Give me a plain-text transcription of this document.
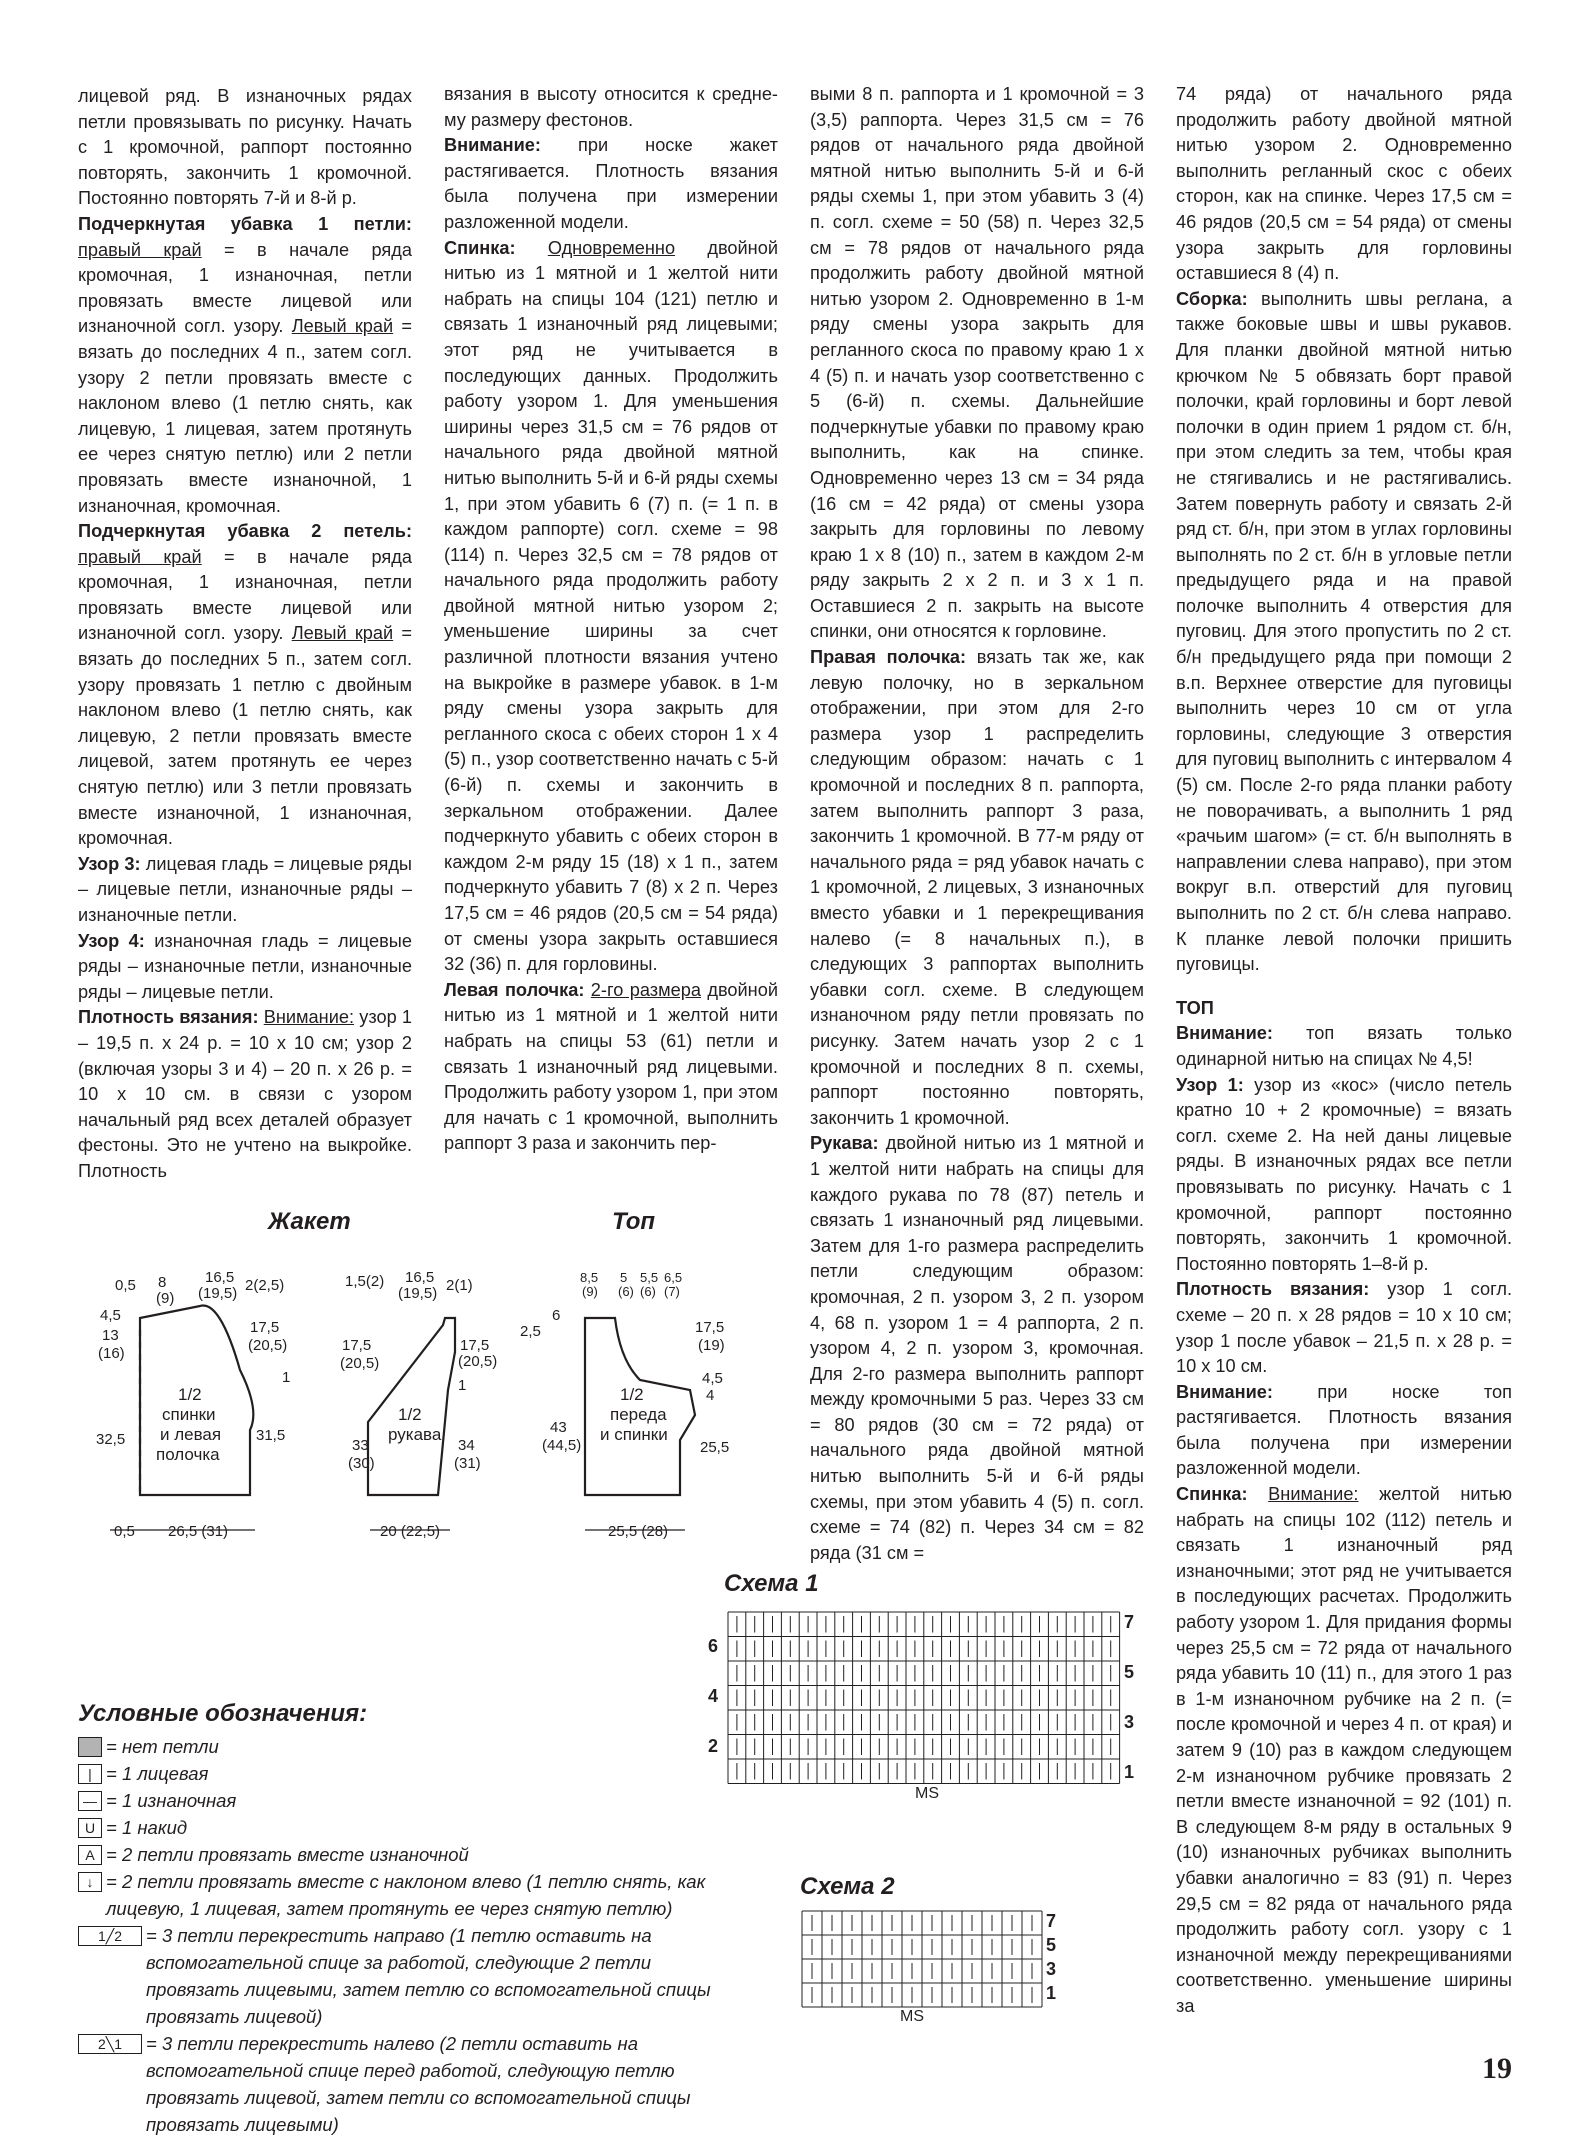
лицевой ряд. В изнаночных рядах петли провязывать по рисунку. Начать с 1 кромочной, раппорт постоянно повторять, закончить 1 кромочной. Постоянно повторять 7-й и 8-й р.

Подчеркнутая убавка 1 петли: правый край = в начале ряда кромочная, 1 изнаночная, петли провязать вместе лицевой или изнаночной согл. узору. Левый край = вязать до последних 4 п., затем согл. узору 2 петли провязать вместе с наклоном влево (1 петлю снять, как лицевую, 1 лицевая, затем протянуть ее через снятую петлю) или 2 петли провязать вместе изнаночной, 1 изнаночная, кромочная.

Подчеркнутая убавка 2 петель: правый край = в начале ряда кромочная, 1 изнаночная, петли провязать вместе лицевой или изнаночной согл. узору. Левый край = вязать до последних 5 п., затем согл. узору провязать 1 петлю с двойным наклоном влево (1 петлю снять, как лицевую, 2 петли провязать вместе лицевой, затем протянуть ее через снятую петлю) или 3 петли провязать вместе изнаночной, 1 изнаночная, кромочная.

Узор 3: лицевая гладь = лицевые ряды – лицевые петли, изнаночные ряды – изнаночные петли.

Узор 4: изнаночная гладь = лицевые ряды – изнаночные петли, изнаночные ряды – лицевые петли.

Плотность вязания: Внимание: узор 1 – 19,5 п. х 24 р. = 10 х 10 см; узор 2 (включая узоры 3 и 4) – 20 п. х 26 р. = 10 х 10 см. в связи с узором начальный ряд всех деталей образует фестоны. Это не учтено на выкройке. Плотность

вязания в высоту относится к средне-му размеру фестонов.

Внимание: при носке жакет растягивается. Плотность вязания была получена при измерении разложенной модели.

Спинка: Одновременно двойной нитью из 1 мятной и 1 желтой нити набрать на спицы 104 (121) петлю и связать 1 изнаночный ряд лицевыми; этот ряд не учитывается в последующих данных. Продолжить работу узором 1. Для уменьшения ширины через 31,5 см = 76 рядов от начального ряда двойной мятной нитью выполнить 5-й и 6-й ряды схемы 1, при этом убавить 6 (7) п. (= 1 п. в каждом раппорте) согл. схеме = 98 (114) п. Через 32,5 см = 78 рядов от начального ряда продолжить работу двойной мятной нитью узором 2; уменьшение ширины за счет различной плотности вязания учтено на выкройке в размере убавок. в 1-м ряду смены узора закрыть для регланного скоса с обеих сторон 1 х 4 (5) п., узор соответственно начать с 5-й (6-й) п. схемы и закончить в зеркальном отображении. Далее подчеркнуто убавить с обеих сторон в каждом 2-м ряду 15 (18) х 1 п., затем подчеркнуто убавить 7 (8) х 2 п. Через 17,5 см = 46 рядов (20,5 см = 54 ряда) от смены узора закрыть оставшиеся 32 (36) п. для горловины.

Левая полочка: 2-го размера двойной нитью из 1 мятной и 1 желтой нити набрать на спицы 53 (61) петли и связать 1 изнаночный ряд лицевыми. Продолжить работу узором 1, при этом для начать с 1 кромочной, выполнить раппорт 3 раза и закончить пер-

выми 8 п. раппорта и 1 кромочной = 3 (3,5) раппорта. Через 31,5 см = 76 рядов от начального ряда двойной мятной нитью выполнить 5-й и 6-й ряды схемы 1, при этом убавить 3 (4) п. согл. схеме = 50 (58) п. Через 32,5 см = 78 рядов от начального ряда продолжить работу двойной мятной нитью узором 2. Одновременно в 1-м ряду смены узора закрыть для регланного скоса по правому краю 1 х 4 (5) п. и начать узор соответственно с 5 (6-й) п. схемы. Дальнейшие подчеркнутые убавки по правому краю выполнить, как на спинке. Одновременно через 13 см = 34 ряда (16 см = 42 ряда) от смены узора закрыть для горловины по левому краю 1 х 8 (10) п., затем в каждом 2-м ряду закрыть 2 х 2 п. и 3 х 1 п. Оставшиеся 2 п. закрыть на высоте спинки, они относятся к горловине.

Правая полочка: вязать так же, как левую полочку, но в зеркальном отображении, при этом для 2-го размера узор 1 распределить следующим образом: начать с 1 кромочной и последних 8 п. раппорта, затем выполнить раппорт 3 раза, закончить 1 кромочной. В 77-м ряду от начального ряда = ряд убавок начать с 1 кромочной, 2 лицевых, 3 изнаночных вместо убавки и 1 перекрещивания налево (= 8 начальных п.), в следующих 3 раппортах выполнить убавки согл. схеме. В следующем изнаночном ряду петли провязать по рисунку. Затем начать узор 2 с 1 кромочной и последних 8 п. схемы, раппорт постоянно повторять, закончить 1 кромочной.

Рукава: двойной нитью из 1 мятной и 1 желтой нити набрать на спицы для каждого рукава по 78 (87) петель и связать 1 изнаночный ряд лицевыми. Затем для 1-го размера распределить петли следующим образом: кромочная, 2 п. узором 3, 2 п. узором 4, 68 п. узором 1 = 4 раппорта, 2 п. узором 4, 2 п. узором 3, кромочная. Для 2-го размера выполнить раппорт между кромочными 5 раз. Через 33 см = 80 рядов (30 см = 72 ряда) от начального ряда двойной мятной нитью выполнить 5-й и 6-й ряды схемы, при этом убавить 4 (5) п. согл. схеме = 74 (82) п. Через 34 см = 82 ряда (31 см =

74 ряда) от начального ряда продолжить работу двойной мятной нитью узором 2. Одновременно выполнить регланный скос с обеих сторон, как на спинке. Через 17,5 см = 46 рядов (20,5 см = 54 ряда) от смены узора закрыть для горловины оставшиеся 8 (4) п.

Сборка: выполнить швы реглана, а также боковые швы и швы рукавов. Для планки двойной мятной нитью крючком № 5 обвязать борт правой полочки, край горловины и борт левой полочки в один прием 1 рядом ст. б/н, при этом следить за тем, чтобы края не стягивались и не растягивались. Затем повернуть работу и связать 2-й ряд ст. б/н, при этом в углах горловины выполнять по 2 ст. б/н в угловые петли предыдущего ряда и на правой полочке выполнить 4 отверстия для пуговиц. Для этого пропустить по 2 ст. б/н предыдущего ряда при помощи 2 в.п. Верхнее отверстие для пуговицы выполнить через 10 см от угла горловины, следующие 3 отверстия для пуговиц выполнить с интервалом 4 (5) см. После 2-го ряда планки работу не поворачивать, а выполнить 1 ряд «рачьим шагом» (= ст. б/н выполнять в направлении слева направо), при этом вокруг в.п. отверстий для пуговиц выполнить по 2 ст. б/н слева направо. К планке левой полочки пришить пуговицы.

ТОП

Внимание: топ вязать только одинарной нитью на спицах № 4,5!

Узор 1: узор из «кос» (число петель кратно 10 + 2 кромочные) = вязать согл. схеме 2. На ней даны лицевые ряды. В изнаночных рядах все петли провязывать по рисунку. Начать с 1 кромочной, раппорт постоянно повторять, закончить 1 кромочной. Постоянно повторять 1–8-й р.

Плотность вязания: узор 1 согл. схеме – 20 п. х 28 рядов = 10 х 10 см; узор 1 после убавок – 21,5 п. х 28 р. = 10 х 10 см.

Внимание: при носке топ растягивается. Плотность вязания была получена при измерении разложенной модели.

Спинка: Внимание: желтой нитью набрать на спицы 102 (112) петель и связать 1 изнаночный ряд изнаночными; этот ряд не учитывается в последующих расчетах. Продолжить работу узором 1. Для придания формы через 25,5 см = 72 ряда от начального ряда убавить 10 (11) п., для этого 1 раз в 1-м изнаночном рубчике на 2 п. (= после кромочной и через 4 п. от края) и затем 9 (10) раз в каждом следующем 2-м изнаночном рубчике провязать 2 петли вместе изнаночной = 92 (101) п. В следующем 8-м ряду в остальных 9 (10) изнаночных рубчиках выполнить убавки аналогично = 83 (91) п. Через 29,5 см = 82 ряда от начального ряда продолжить работу согл. узору с 1 изнаночной между перекрещиваниями соответственно. уменьшение ширины за

Жакет	Топ
Схема 1
Схема 2
0,5 8
(9)
16,5
(19,5) 2(2,5)
4,5
13
(16)
17,5
(20,5)
1
32,5	31,5
0,5 26,5 (31)
1/2
спинки
и левая
полочка
1,5(2) 16,5
(19,5) 2(1)
17,5
(20,5)
17,5
(20,5)
1
33
(30)
34
(31)
20 (22,5)
1/2
рукава
8,5
(9)
5
(6)
5,5
(6)
6,5
(7)
2,5
6
17,5
(19)
4,5
4
43
(44,5)	25,5
25,5 (28)
1/2
переда
и спинки
7
5
3
1
6
4
2
MS
7
5
3
1
MS
Условные обозначения:
= нет петли
| = 1 лицевая
— = 1 изнаночная
U = 1 накид
A = 2 петли провязать вместе изнаночной
↓ = 2 петли провязать вместе с наклоном влево (1 петлю снять, как лицевую, 1 лицевая, затем протянуть ее через снятую петлю)
1╱2	= 3 петли перекрестить направо (1 петлю оставить на вспомогательной спице за работой, следующие 2 петли провязать лицевыми, затем петлю со вспомогательной спицы провязать лицевой)
2╲1	= 3 петли перекрестить налево (2 петли оставить на вспомогательной спице перед работой, следующую петлю провязать лицевой, затем петли со вспомогательной спицы провязать лицевыми)
19
